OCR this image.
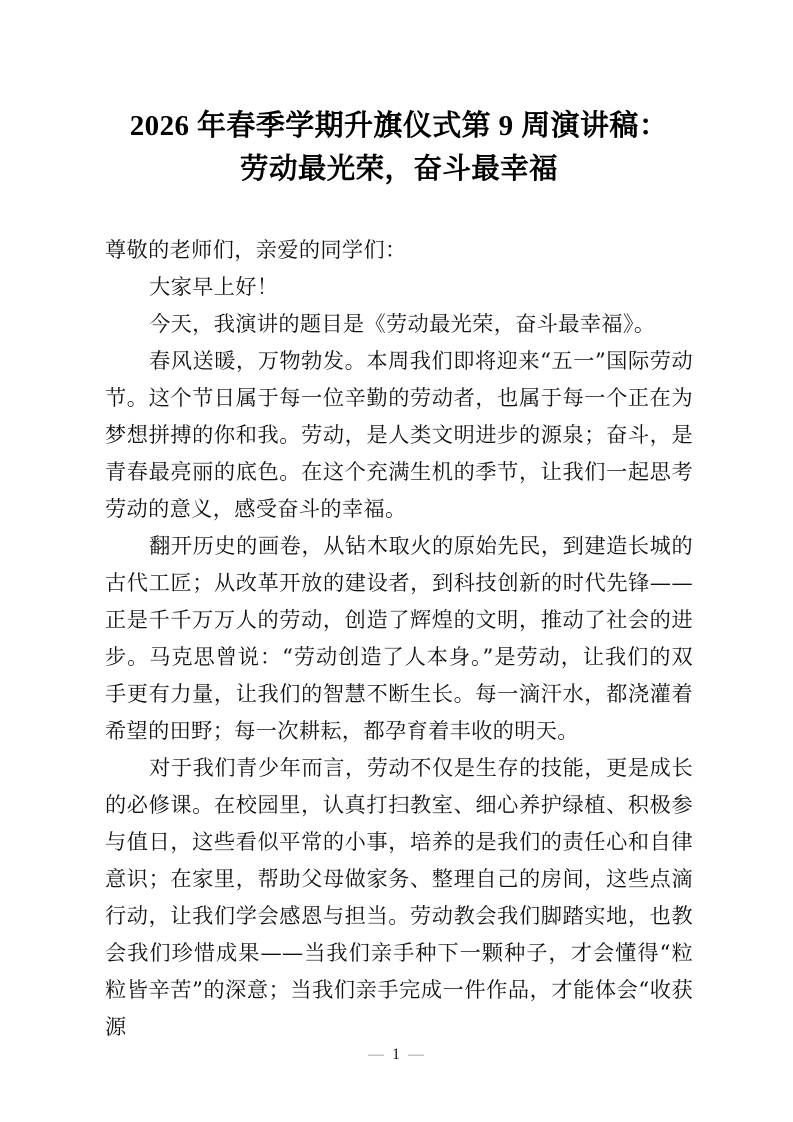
2026 年春季学期升旗仪式第 9 周演讲稿：
劳动最光荣，奋斗最幸福

尊敬的老师们，亲爱的同学们：

大家早上好！

今天，我演讲的题目是《劳动最光荣，奋斗最幸福》。

春风送暖，万物勃发。本周我们即将迎来“五一”国际劳动节。这个节日属于每一位辛勤的劳动者，也属于每一个正在为梦想拼搏的你和我。劳动，是人类文明进步的源泉；奋斗，是青春最亮丽的底色。在这个充满生机的季节，让我们一起思考劳动的意义，感受奋斗的幸福。

翻开历史的画卷，从钻木取火的原始先民，到建造长城的古代工匠；从改革开放的建设者，到科技创新的时代先锋——正是千千万万人的劳动，创造了辉煌的文明，推动了社会的进步。马克思曾说：“劳动创造了人本身。”是劳动，让我们的双手更有力量，让我们的智慧不断生长。每一滴汗水，都浇灌着希望的田野；每一次耕耘，都孕育着丰收的明天。

对于我们青少年而言，劳动不仅是生存的技能，更是成长的必修课。在校园里，认真打扫教室、细心养护绿植、积极参与值日，这些看似平常的小事，培养的是我们的责任心和自律意识；在家里，帮助父母做家务、整理自己的房间，这些点滴行动，让我们学会感恩与担当。劳动教会我们脚踏实地，也教会我们珍惜成果——当我们亲手种下一颗种子，才会懂得“粒粒皆辛苦”的深意；当我们亲手完成一件作品，才能体会“收获源

— 1 —
